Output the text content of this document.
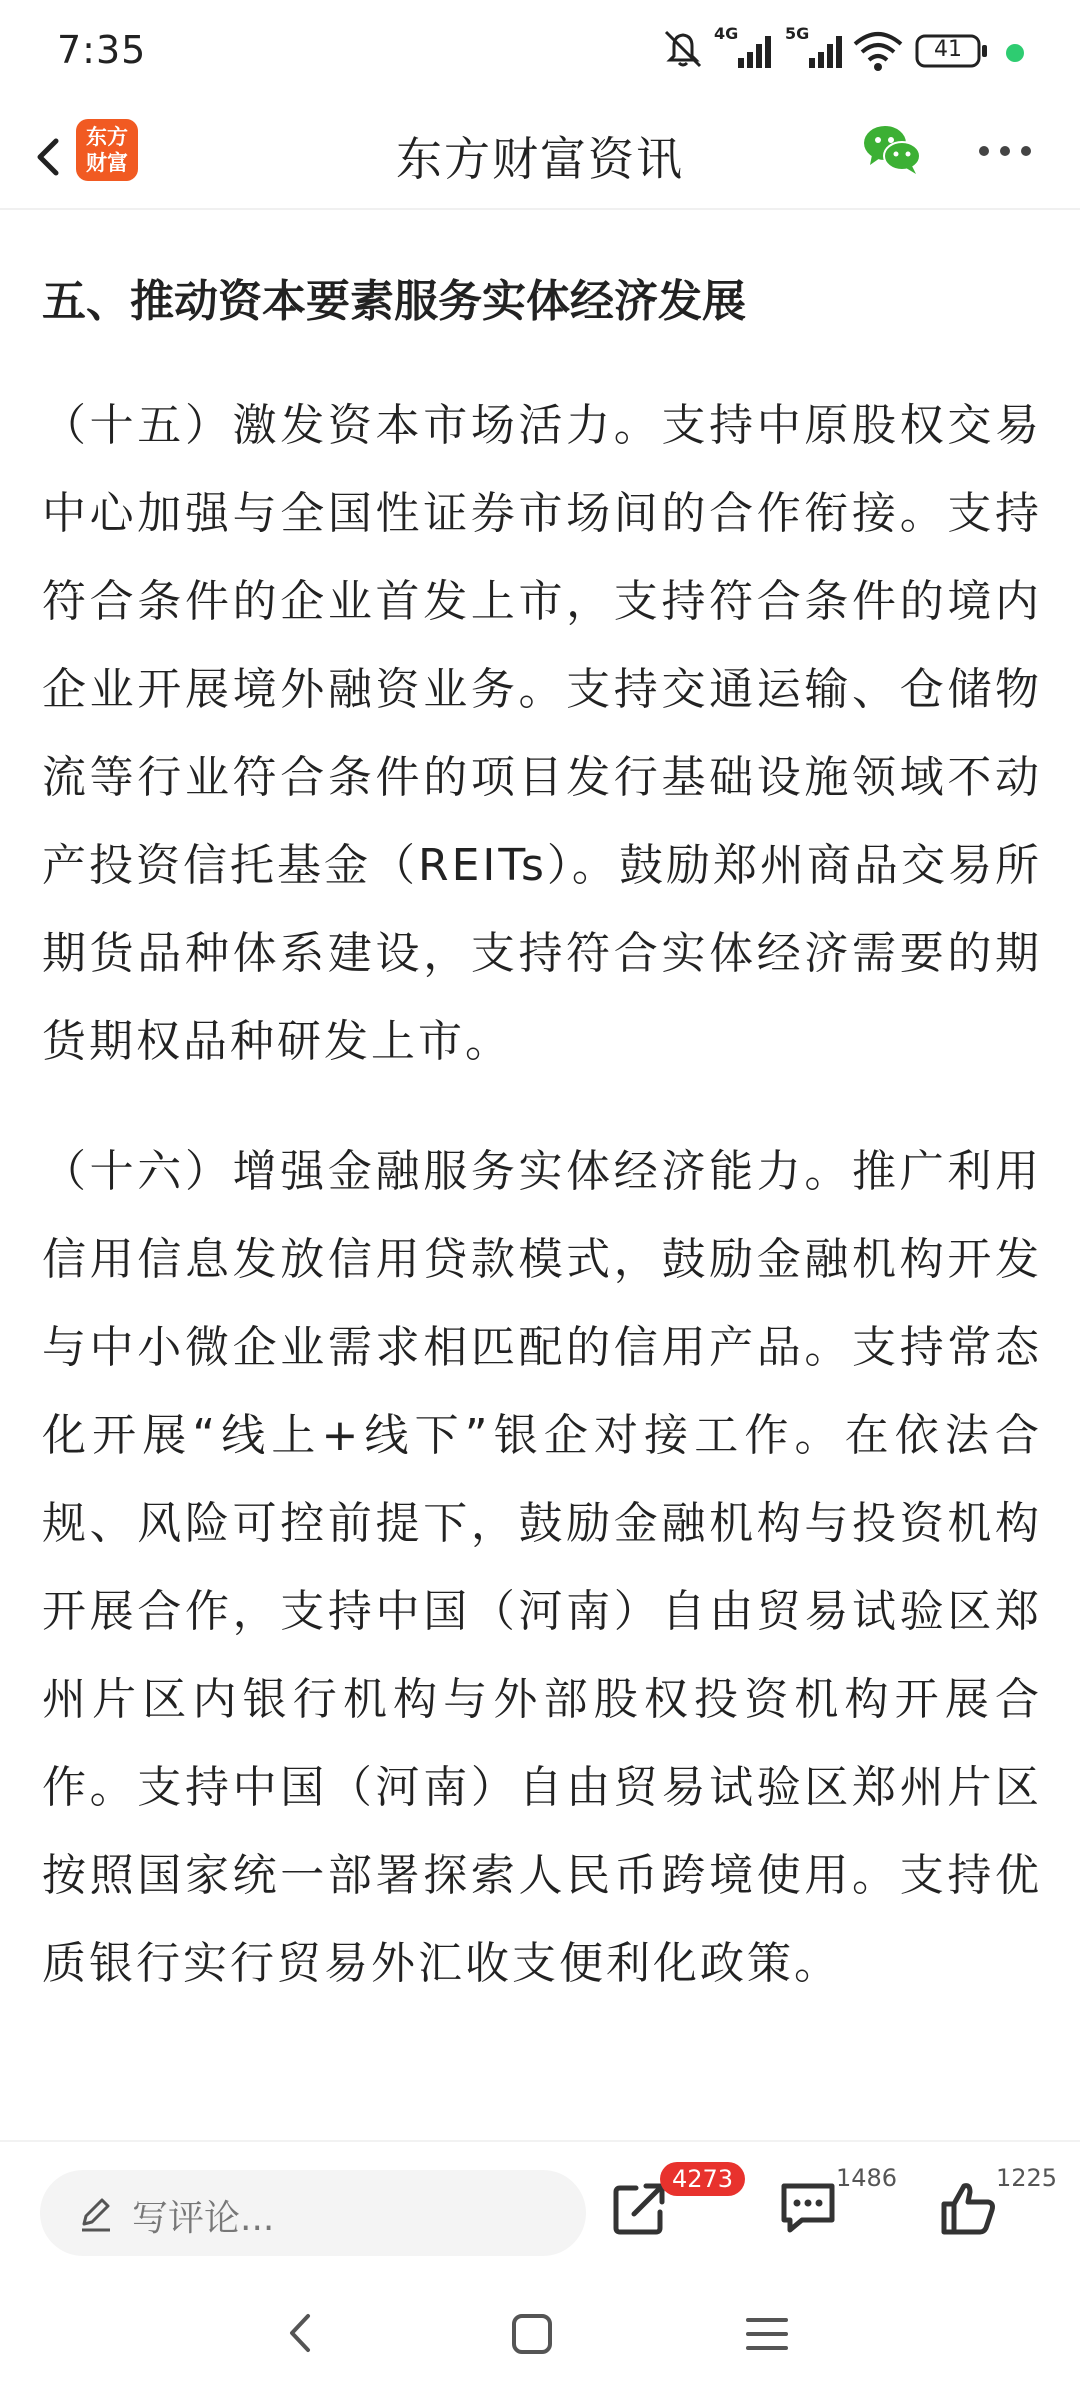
7:35	4G	5G
41
东方
财富	东方财富资讯
五、推动资本要素服务实体经济发展

（十五）激发资本市场活力。支持中原股权交易中心加强与全国性证券市场间的合作衔接。支持符合条件的企业首发上市，支持符合条件的境内企业开展境外融资业务。支持交通运输、仓储物流等行业符合条件的项目发行基础设施领域不动产投资信托基金（REITs）。鼓励郑州商品交易所期货品种体系建设，支持符合实体经济需要的期货期权品种研发上市。

（十六）增强金融服务实体经济能力。推广利用信用信息发放信用贷款模式，鼓励金融机构开发与中小微企业需求相匹配的信用产品。支持常态化开展“线上+线下”银企对接工作。在依法合规、风险可控前提下，鼓励金融机构与投资机构开展合作，支持中国（河南）自由贸易试验区郑州片区内银行机构与外部股权投资机构开展合作。支持中国（河南）自由贸易试验区郑州片区按照国家统一部署探索人民币跨境使用。支持优质银行实行贸易外汇收支便利化政策。

写评论...
4273	1486	1225
